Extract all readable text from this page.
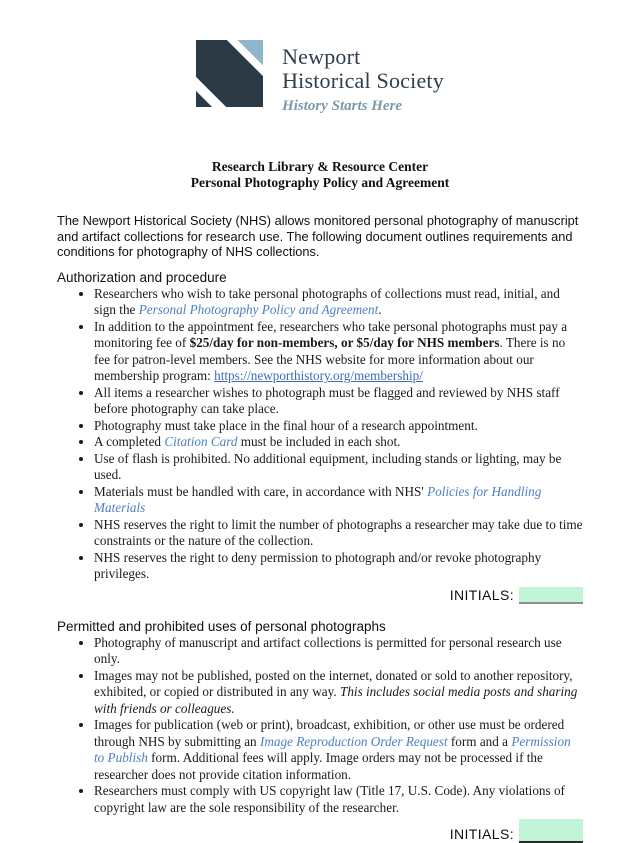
Newport
Historical Society
History Starts Here
Research Library & Resource Center
Personal Photography Policy and Agreement

The Newport Historical Society (NHS) allows monitored personal photography of manuscript and artifact collections for research use. The following document outlines requirements and conditions for photography of NHS collections.

Authorization and procedure
• Researchers who wish to take personal photographs of collections must read, initial, and sign the Personal Photography Policy and Agreement.
• In addition to the appointment fee, researchers who take personal photographs must pay a monitoring fee of $25/day for non-members, or $5/day for NHS members. There is no fee for patron-level members. See the NHS website for more information about our membership program: https://newporthistory.org/membership/
• All items a researcher wishes to photograph must be flagged and reviewed by NHS staff before photography can take place.
• Photography must take place in the final hour of a research appointment.
• A completed Citation Card must be included in each shot.
• Use of flash is prohibited. No additional equipment, including stands or lighting, may be used.
• Materials must be handled with care, in accordance with NHS' Policies for Handling Materials
• NHS reserves the right to limit the number of photographs a researcher may take due to time constraints or the nature of the collection.
• NHS reserves the right to deny permission to photograph and/or revoke photography privileges.
INITIALS:
Permitted and prohibited uses of personal photographs
• Photography of manuscript and artifact collections is permitted for personal research use only.
• Images may not be published, posted on the internet, donated or sold to another repository, exhibited, or copied or distributed in any way. This includes social media posts and sharing with friends or colleagues.
• Images for publication (web or print), broadcast, exhibition, or other use must be ordered through NHS by submitting an Image Reproduction Order Request form and a Permission to Publish form. Additional fees will apply. Image orders may not be processed if the researcher does not provide citation information.
• Researchers must comply with US copyright law (Title 17, U.S. Code). Any violations of copyright law are the sole responsibility of the researcher.
INITIALS:
